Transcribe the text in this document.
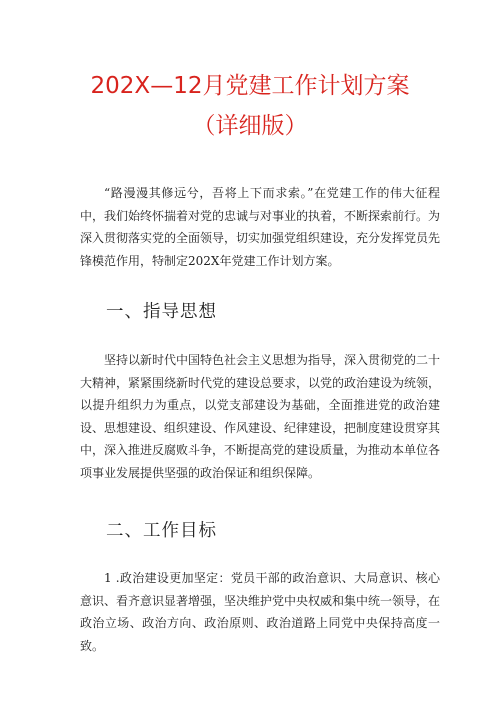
202X—12月党建工作计划方案
（详细版）

“路漫漫其修远兮，吾将上下而求索。”在党建工作的伟大征程中，我们始终怀揣着对党的忠诚与对事业的执着，不断探索前行。为深入贯彻落实党的全面领导，切实加强党组织建设，充分发挥党员先锋模范作用，特制定202X年党建工作计划方案。

一、指导思想

坚持以新时代中国特色社会主义思想为指导，深入贯彻党的二十大精神，紧紧围绕新时代党的建设总要求，以党的政治建设为统领，以提升组织力为重点，以党支部建设为基础，全面推进党的政治建设、思想建设、组织建设、作风建设、纪律建设，把制度建设贯穿其中，深入推进反腐败斗争，不断提高党的建设质量，为推动本单位各项事业发展提供坚强的政治保证和组织保障。

二、工作目标

1 .政治建设更加坚定：党员干部的政治意识、大局意识、核心意识、看齐意识显著增强，坚决维护党中央权威和集中统一领导，在政治立场、政治方向、政治原则、政治道路上同党中央保持高度一致。
